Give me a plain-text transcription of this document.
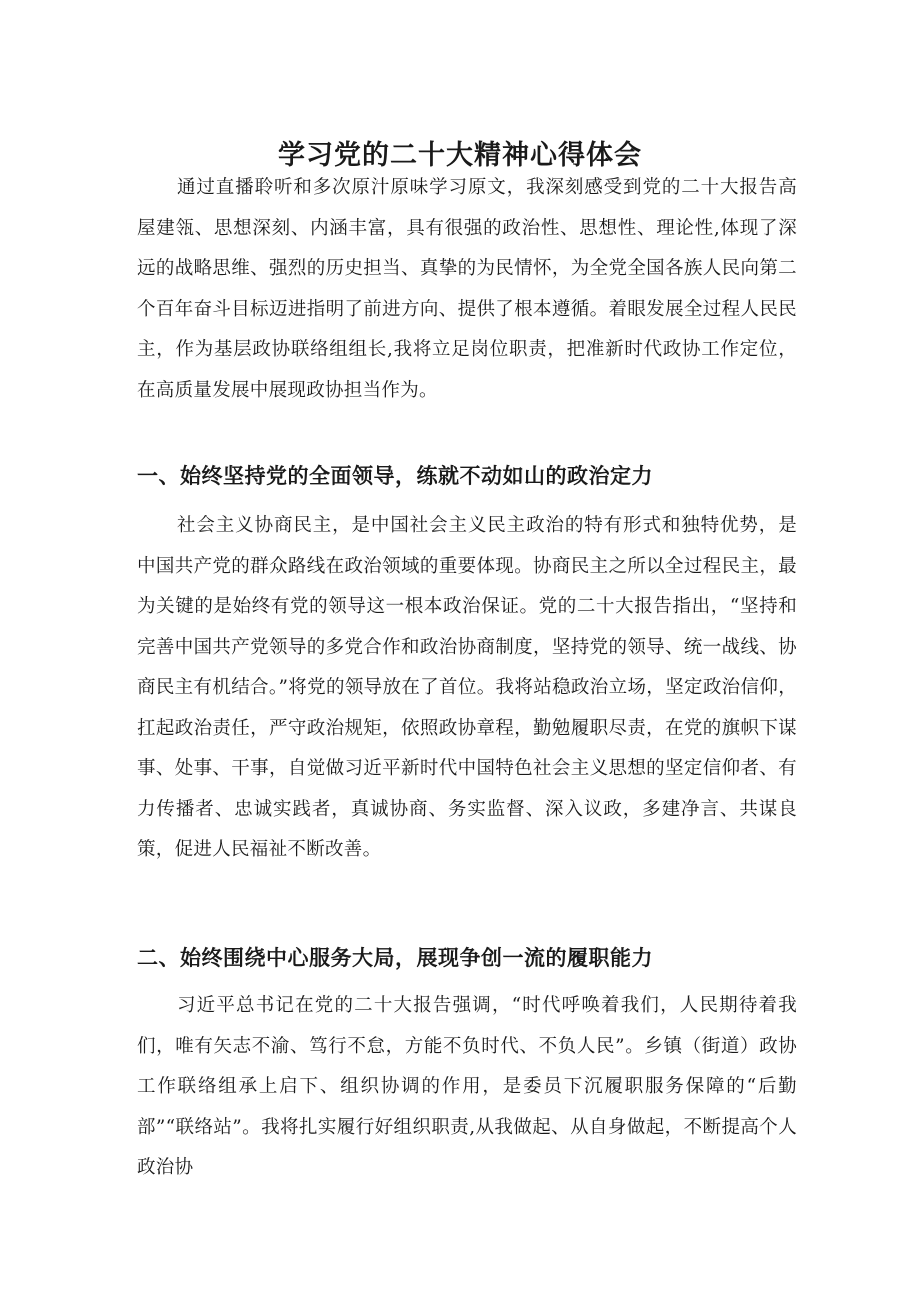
学习党的二十大精神心得体会

通过直播聆听和多次原汁原味学习原文，我深刻感受到党的二十大报告高屋建瓴、思想深刻、内涵丰富，具有很强的政治性、思想性、理论性,体现了深远的战略思维、强烈的历史担当、真挚的为民情怀，为全党全国各族人民向第二个百年奋斗目标迈进指明了前进方向、提供了根本遵循。着眼发展全过程人民民主，作为基层政协联络组组长,我将立足岗位职责，把准新时代政协工作定位，在高质量发展中展现政协担当作为。

一、始终坚持党的全面领导，练就不动如山的政治定力

社会主义协商民主，是中国社会主义民主政治的特有形式和独特优势，是中国共产党的群众路线在政治领域的重要体现。协商民主之所以全过程民主，最为关键的是始终有党的领导这一根本政治保证。党的二十大报告指出，“坚持和完善中国共产党领导的多党合作和政治协商制度，坚持党的领导、统一战线、协商民主有机结合。”将党的领导放在了首位。我将站稳政治立场，坚定政治信仰，扛起政治责任，严守政治规矩，依照政协章程，勤勉履职尽责，在党的旗帜下谋事、处事、干事，自觉做习近平新时代中国特色社会主义思想的坚定信仰者、有力传播者、忠诚实践者，真诚协商、务实监督、深入议政，多建净言、共谋良策，促进人民福祉不断改善。

二、始终围绕中心服务大局，展现争创一流的履职能力

习近平总书记在党的二十大报告强调，“时代呼唤着我们，人民期待着我们，唯有矢志不渝、笃行不怠，方能不负时代、不负人民”。乡镇（街道）政协工作联络组承上启下、组织协调的作用，是委员下沉履职服务保障的“后勤部”“联络站”。我将扎实履行好组织职责,从我做起、从自身做起，不断提高个人政治协
